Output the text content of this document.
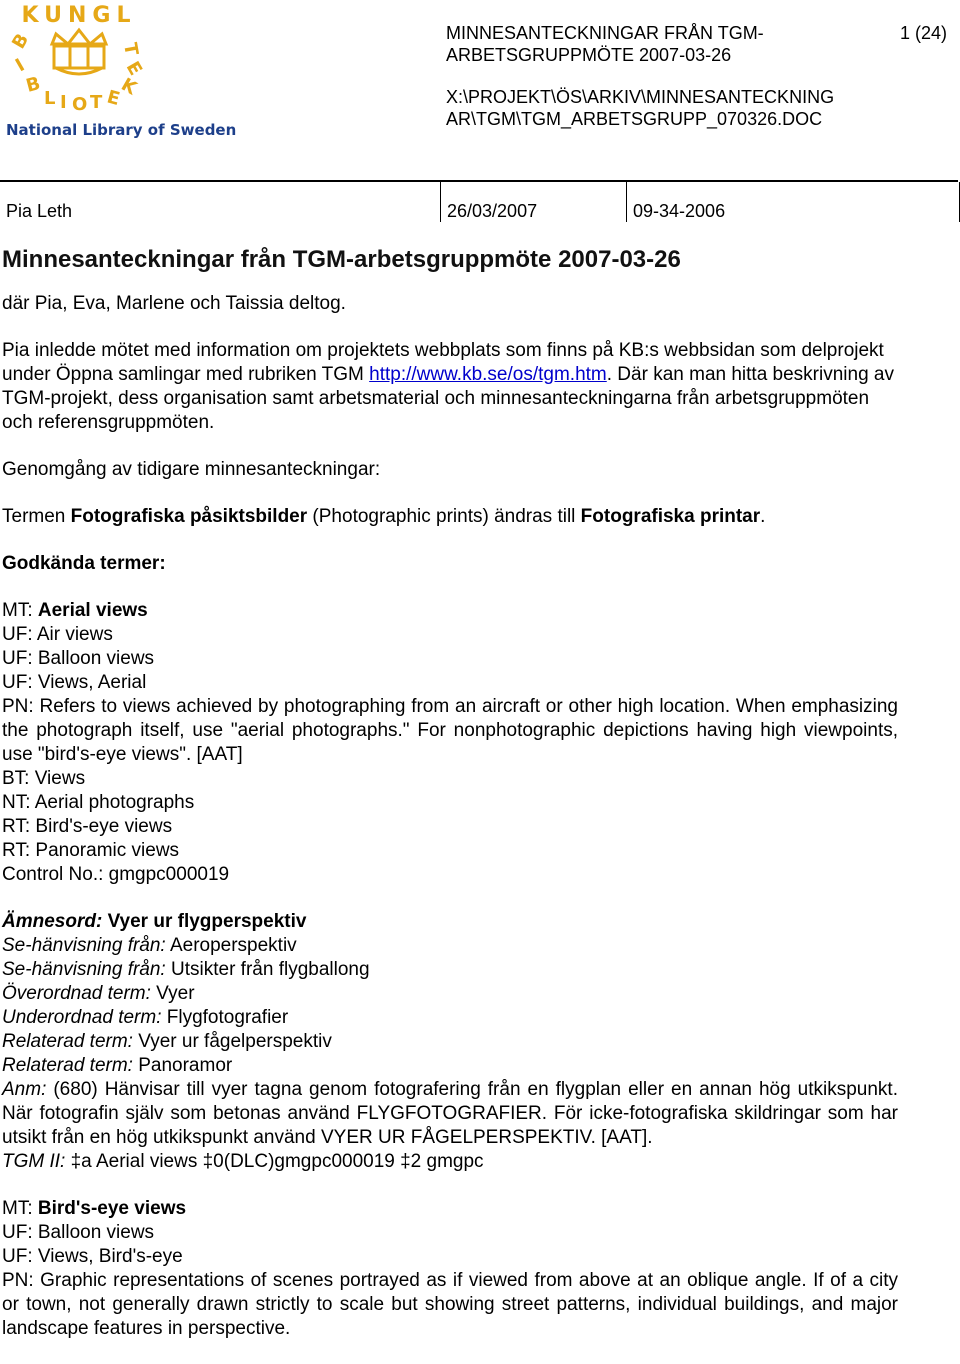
KUNGL
B
I
B
L I O T E
K
E
T
National Library of Sweden
MINNESANTECKNINGAR FRÅN TGM-ARBETSGRUPPMÖTE 2007-03-26
1 (24)
X:\PROJEKT\ÖS\ARKIV\MINNESANTECKNINGAR\TGM\TGM_ARBETSGRUPP_070326.DOC
Pia Leth	26/03/2007	09-34-2006
Minnesanteckningar från TGM-arbetsgruppmöte 2007-03-26

där Pia, Eva, Marlene och Taissia deltog.

Pia inledde mötet med information om projektets webbplats som finns på KB:s webbsidan som delprojekt under Öppna samlingar med rubriken TGM http://www.kb.se/os/tgm.htm. Där kan man hitta beskrivning av TGM-projekt, dess organisation samt arbetsmaterial och minnesanteckningarna från arbetsgruppmöten och referensgruppmöten.

Genomgång av tidigare minnesanteckningar:

Termen Fotografiska påsiktsbilder (Photographic prints) ändras till Fotografiska printar.

Godkända termer:

MT: Aerial views
UF: Air views
UF: Balloon views
UF: Views, Aerial
PN: Refers to views achieved by photographing from an aircraft or other high location. When emphasizing the photograph itself, use "aerial photographs." For nonphotographic depictions having high viewpoints, use "bird's-eye views". [AAT]
BT: Views
NT: Aerial photographs
RT: Bird's-eye views
RT: Panoramic views
Control No.: gmgpc000019
Ämnesord: Vyer ur flygperspektiv
Se-hänvisning från: Aeroperspektiv
Se-hänvisning från: Utsikter från flygballong
Överordnad term: Vyer
Underordnad term: Flygfotografier
Relaterad term: Vyer ur fågelperspektiv
Relaterad term: Panoramor
Anm: (680) Hänvisar till vyer tagna genom fotografering från en flygplan eller en annan hög utkikspunkt. När fotografin själv som betonas använd FLYGFOTOGRAFIER. För icke-fotografiska skildringar som har utsikt från en hög utkikspunkt använd VYER UR FÅGELPERSPEKTIV. [AAT].
TGM II: ‡a Aerial views ‡0(DLC)gmgpc000019 ‡2 gmgpc
MT: Bird's-eye views
UF: Balloon views
UF: Views, Bird's-eye
PN: Graphic representations of scenes portrayed as if viewed from above at an oblique angle. If of a city or town, not generally drawn strictly to scale but showing street patterns, individual buildings, and major landscape features in perspective.
